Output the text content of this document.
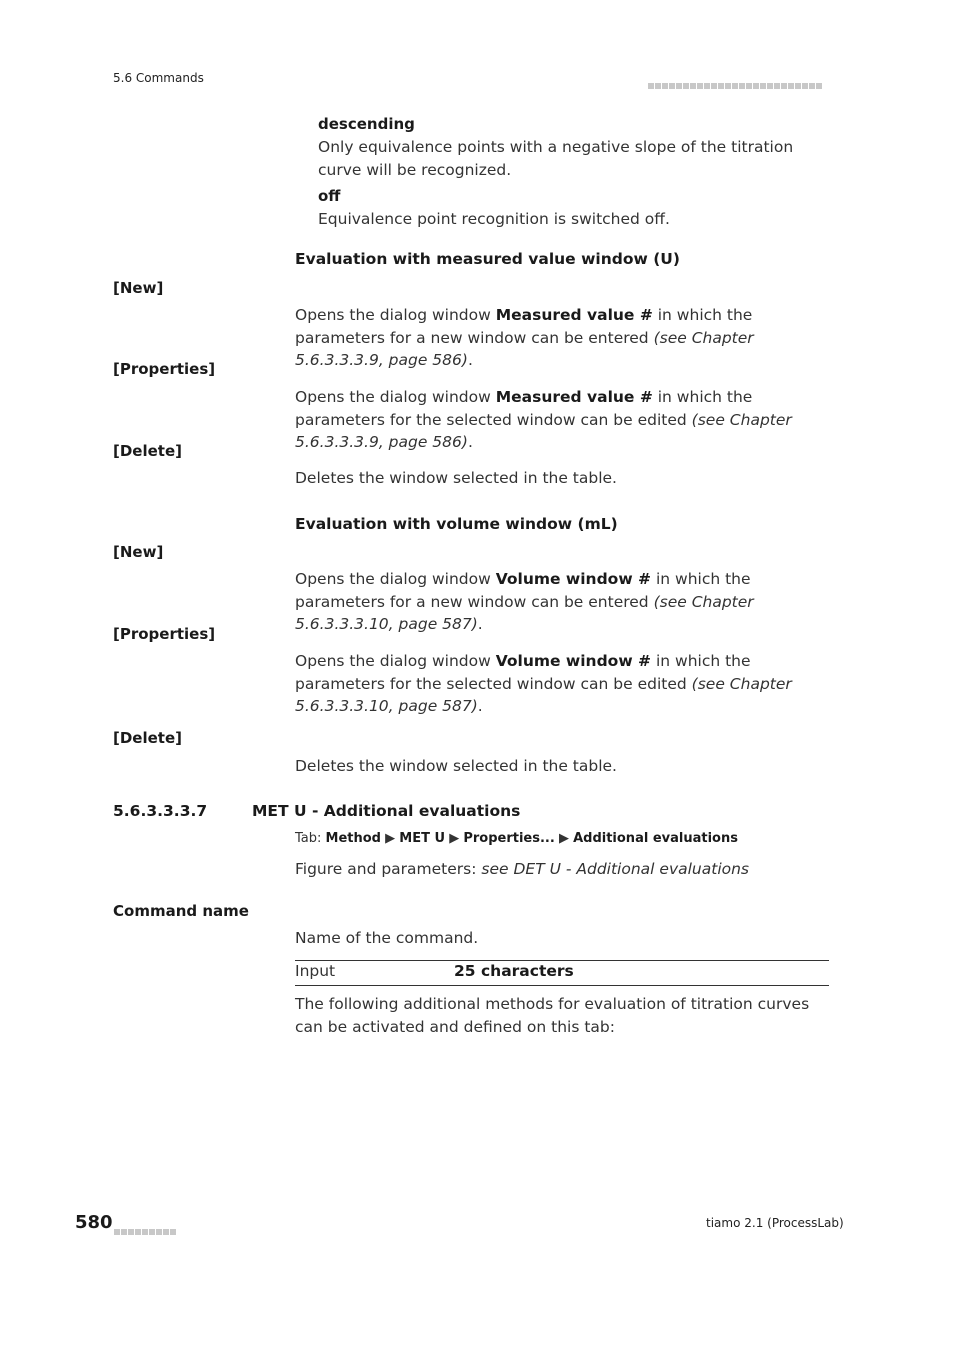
5.6 Commands
descending
Only equivalence points with a negative slope of the titration curve will be recognized.
off
Equivalence point recognition is switched off.
Evaluation with measured value window (U)
[New]
Opens the dialog window Measured value # in which the parameters for a new window can be entered (see Chapter 5.6.3.3.3.9, page 586).
[Properties]
Opens the dialog window Measured value # in which the parameters for the selected window can be edited (see Chapter 5.6.3.3.3.9, page 586).
[Delete]
Deletes the window selected in the table.
Evaluation with volume window (mL)
[New]
Opens the dialog window Volume window # in which the parameters for a new window can be entered (see Chapter 5.6.3.3.3.10, page 587).
[Properties]
Opens the dialog window Volume window # in which the parameters for the selected window can be edited (see Chapter 5.6.3.3.3.10, page 587).
[Delete]
Deletes the window selected in the table.
5.6.3.3.3.7	MET U - Additional evaluations
Tab: Method ▶ MET U ▶ Properties... ▶ Additional evaluations
Figure and parameters: see DET U - Additional evaluations
Command name
Name of the command.
Input	25 characters
The following additional methods for evaluation of titration curves can be activated and defined on this tab:
580	tiamo 2.1 (ProcessLab)
